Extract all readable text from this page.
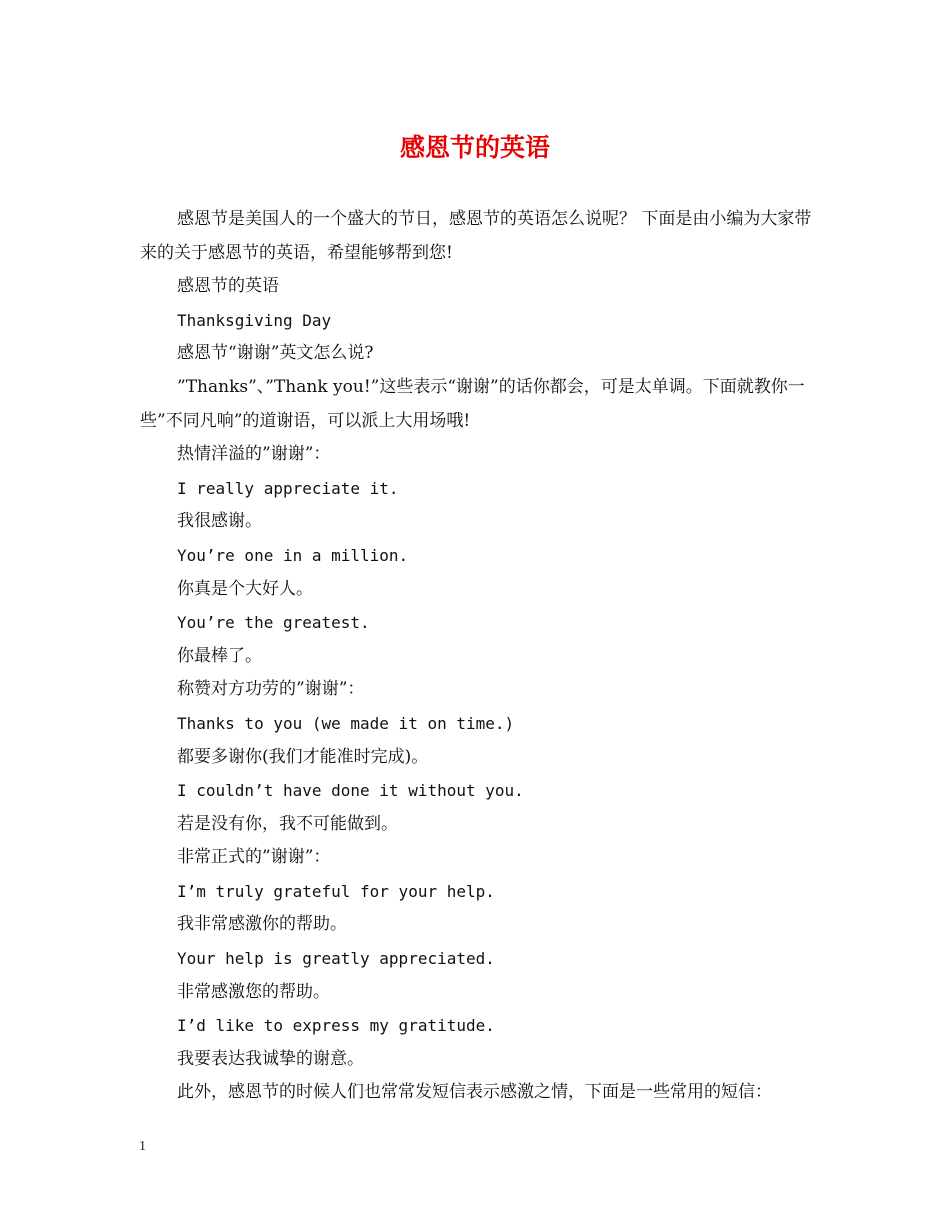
感恩节的英语

感恩节是美国人的一个盛大的节日，感恩节的英语怎么说呢？ 下面是由小编为大家带来的关于感恩节的英语，希望能够帮到您!

感恩节的英语

Thanksgiving Day

感恩节“谢谢”英文怎么说?

”Thanks”、”Thank you!”这些表示“谢谢”的话你都会，可是太单调。下面就教你一些”不同凡响”的道谢语，可以派上大用场哦!

热情洋溢的”谢谢”：

I really appreciate it.

我很感谢。

You’re one in a million.

你真是个大好人。

You’re the greatest.

你最棒了。

称赞对方功劳的”谢谢”：

Thanks to you (we made it on time.)

都要多谢你(我们才能准时完成)。

I couldn’t have done it without you.

若是没有你，我不可能做到。

非常正式的”谢谢”：

I’m truly grateful for your help.

我非常感激你的帮助。

Your help is greatly appreciated.

非常感激您的帮助。

I’d like to express my gratitude.

我要表达我诚挚的谢意。

此外，感恩节的时候人们也常常发短信表示感激之情，下面是一些常用的短信：

1
